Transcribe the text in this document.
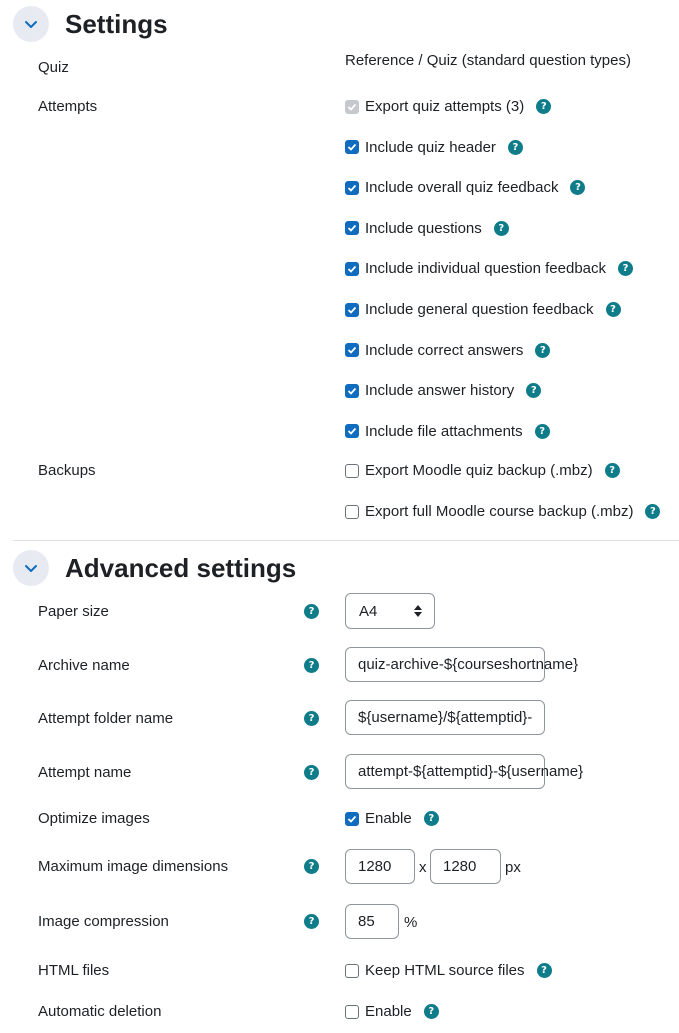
Settings
Quiz	Reference / Quiz (standard question types)
Attempts	Export quiz attempts (3)	?
Include quiz header	?
Include overall quiz feedback	?
Include questions	?
Include individual question feedback	?
Include general question feedback	?
Include correct answers	?
Include answer history	?
Include file attachments	?
Backups	Export Moodle quiz backup (.mbz)	?
Export full Moodle course backup (.mbz)	?
Advanced settings
Paper size	?	A4
Archive name	?	quiz-archive-${courseshortname}
Attempt folder name	?	${username}/${attemptid}-
Attempt name	?	attempt-${attemptid}-${username}
Optimize images	Enable	?
Maximum image dimensions	?	1280	x	1280	px
Image compression	?	85	%
HTML files	Keep HTML source files	?
Automatic deletion	Enable	?
